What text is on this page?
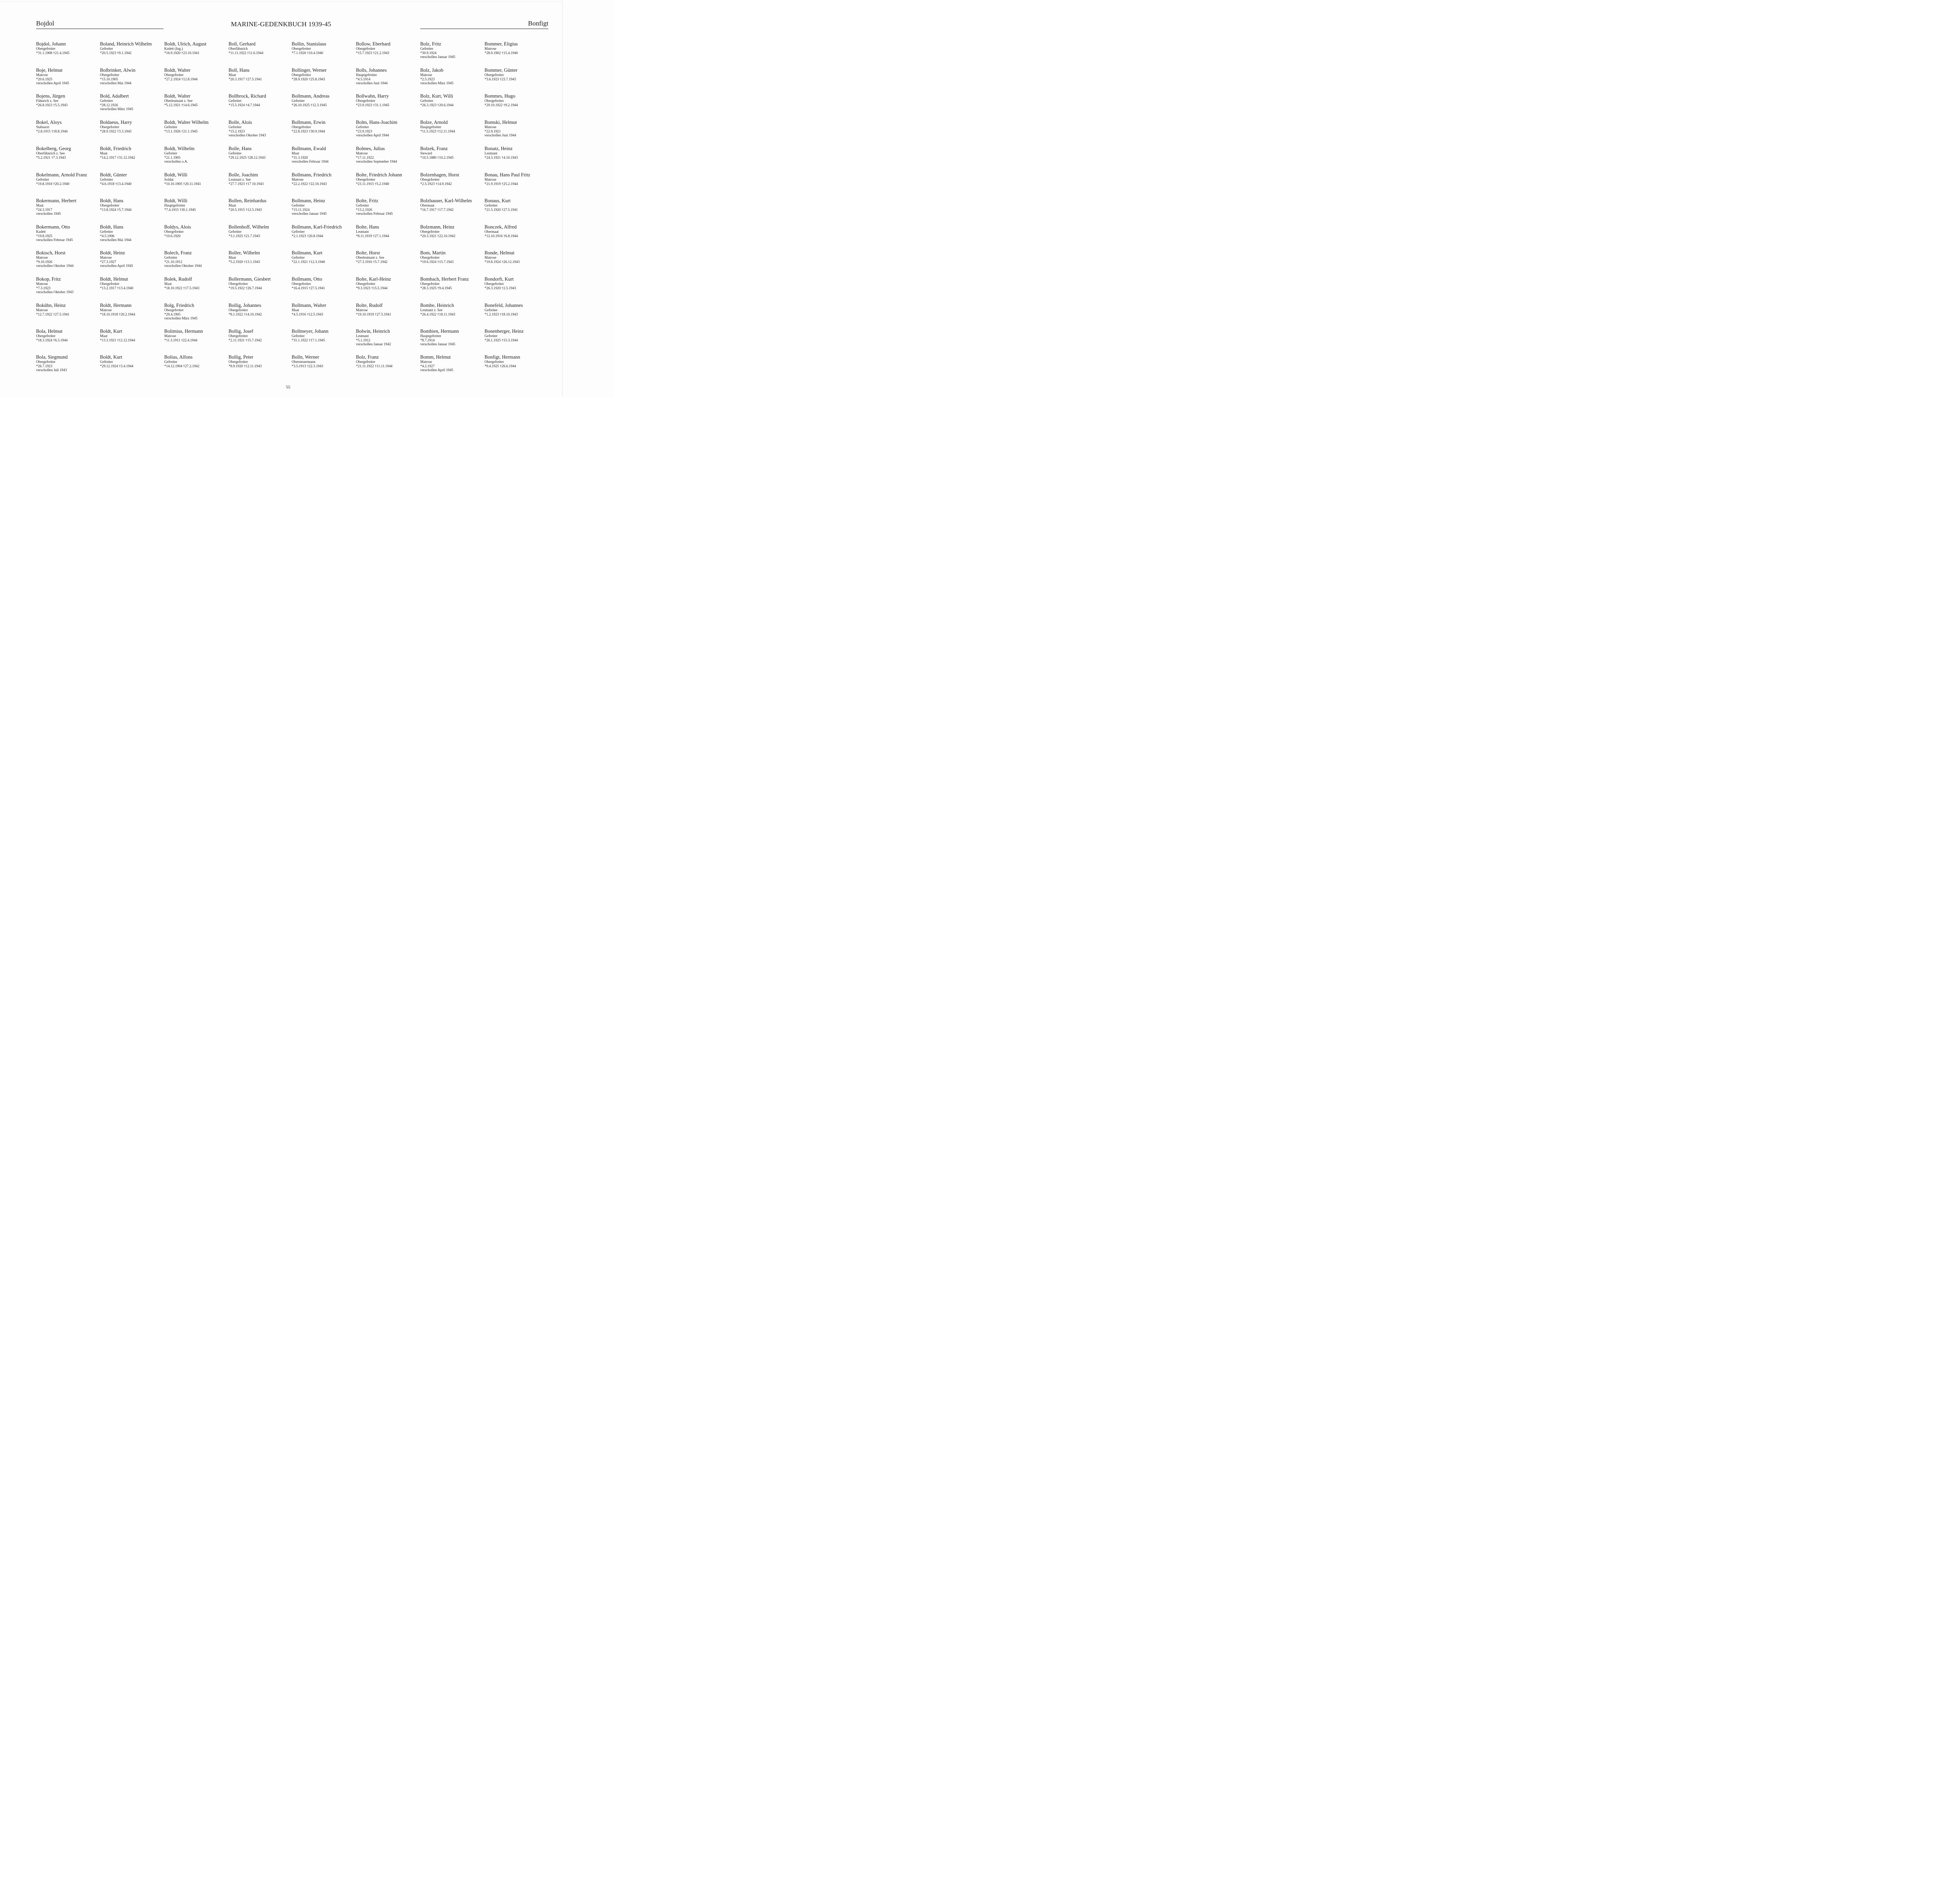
Bojdol	MARINE-GEDENKBUCH 1939-45	Bonfigt
Bojdol, Johann
Obergefreiter
*31.1.1908 †21.4.1945
Boje, Helmut
Matrose
*20.6.1925
verschollen April 1945
Bojens, Jürgen
Fähnrich z. See
*26.8.1923 †5.5.1943
Bokel, Aloys
Stabsarzt
*2.8.1915 †18.8.1944
Bokelberg, Georg
Oberfähnrich z. See
*5.2.1921 †7.3.1943
Bokelmann, Arnold Franz
Gefreiter
*19.8.1918 †20.2.1940
Bokermann, Herbert
Maat
*24.3.1917
verschollen 1945
Bokermann, Otto
Kadett
*19.8.1925
verschollen Februar 1945
Bokisch, Horst
Matrose
*9.10.1926
verschollen Oktober 1944
Bokop, Fritz
Matrose
*7.3.1923
verschollen Oktober 1943
Bokühn, Heinz
Matrose
*12.7.1922 †27.5.1941
Bola, Helmut
Obergefreiter
*18.3.1924 †6.3.1944
Bola, Siegmund
Obergefreiter
*26.7.1923
verschollen Juli 1943
Boland, Heinrich Wilhelm
Gefreiter
*20.5.1923 †9.1.1942
Bolbrinker, Alwin
Obergefreiter
*15.10.1905
verschollen Mai 1944
Bold, Adalbert
Gefreiter
*28.12.1926
verschollen März 1945
Boldaeus, Harry
Obergefreiter
*28.9.1922 †3.3.1943
Boldt, Friedrich
Maat
*14.2.1917 †31.12.1942
Boldt, Günter
Gefreiter
*4.6.1918 †13.4.1940
Boldt, Hans
Obergefreiter
*13.8.1924 †5.7.1944
Boldt, Hans
Gefreiter
*4.5.1906
verschollen Mai 1944
Boldt, Heinz
Matrose
*27.3.1927
verschollen April 1945
Boldt, Helmut
Obergefreiter
*13.2.1917 †13.4.1940
Boldt, Hermann
Matrose
*18.10.1918 †20.2.1944
Boldt, Kurt
Maat
*13.3.1921 †12.12.1944
Boldt, Kurt
Gefreiter
*29.12.1924 †3.4.1944
Boldt, Ulrich, August
Kadett (Ing.)
*16.9.1920 †23.10.1941
Boldt, Walter
Obergefreiter
*27.2.1924 †12.8.1944
Boldt, Walter
Oberleutnant z. See
*5.12.1921 †14.6.1945
Boldt, Walter Wilhelm
Gefreiter
*13.1.1926 †21.1.1945
Boldt, Wilhelm
Gefreiter
*21.1.1905
verschollen o.A.
Boldt, Willi
Soldat
*10.10.1905 †20.11.1941
Boldt, Willi
Hauptgefreiter
*7.4.1915 †30.1.1945
Boldys, Alois
Obergefreiter
*10.6.1920
Bolech, Franz
Gefreiter
*21.10.1912
verschollen Oktober 1944
Bolek, Rudolf
Maat
*18.10.1922 †17.5.1943
Bolg, Friedrich
Obergefreiter
*29.4.1905
verschollen März 1945
Bolimius, Hermann
Matrose
*11.3.1911 †22.4.1944
Bolius, Alfons
Gefreiter
*14.12.1904 †27.2.1942
Boll, Gerhard
Oberfähnrich
*11.11.1922 †11.6.1944
Boll, Hans
Maat
*20.3.1917 †27.5.1941
Bollbrock, Richard
Gefreiter
*15.5.1924 †4.7.1944
Bolle, Alois
Gefreiter
*15.2.1923
verschollen Oktober 1943
Bolle, Hans
Gefreiter
*29.12.1925 †28.12.1943
Bolle, Joachim
Leutnant z. See
*27.7.1923 †17 10.1943
Bollen, Reinhardus
Maat
*20.5.1915 †12.5.1943
Bollenhoff, Wilhelm
Gefreiter
*3.1.1925 †21.7.1943
Boller, Wilhelm
Maat
*5.2.1920 †13.1.1943
Bollermann, Giesbert
Obergefreiter
*19.5.1922 †26.7.1944
Bollig, Johannes
Obergefreiter
*8.1.1922 †14.10.1942
Bollig, Josef
Obergefreiter
*2.11.1921 †15.7.1942
Bollig, Peter
Obergefreiter
*8.9.1920 †12.11.1943
Bollin, Stanislaus
Obergefreiter
*7.1.1920 †10.4.1940
Bollinger, Werner
Obergefreiter
*28.9.1920 †25.8.1943
Bollmann, Andreas
Gefreiter
*26.10.1925 †12.3.1945
Bollmann, Erwin
Obergefreiter
*22.8.1923 †30.9.1944
Bollmann, Ewald
Maat
*31.3.1920
verschollen Februar 1944
Bollmann, Friedrich
Matrose
*22.2.1922 †22.10.1943
Bollmann, Heinz
Gefreiter
*15.11.1924
verschollen Januar 1945
Bollmann, Karl-Friedrich
Gefreiter
*2.1.1923 †20.8.1944
Bollmann, Kurt
Gefreiter
*22.1.1921 †12.3.1940
Bollmann, Otto
Obergefreiter
*16.4.1915 †27.5.1941
Bollmann, Walter
Maat
*4.5.1916 †12.5.1943
Bollmeyer, Johann
Gefreiter
*31.1.1922 †17.1.1945
Bolln, Werner
Obersteuermann
*3.5.1913 †22.3.1943
Bollow, Eberhard
Obergefreiter
*15.7.1923 †21.2.1943
Bolls, Johannes
Hauptgefreiter
*4.5.1914
verschollen Juni 1944
Bollwahn, Harry
Obergefreiter
*23.9.1923 †31.1.1945
Bolm, Hans-Joachim
Gefreiter
*23.9.1923
verschollen April 1944
Bolmes, Julius
Matrose
*17.11.1922
verschollen September 1944
Bolte, Friedrich Johann
Obergefreiter
*23.11.1915 †5.2.1940
Bolte, Fritz
Gefreiter
*13.2.1926
verschollen Februar 1945
Bolte, Hans
Leutnant
*8.11.1919 †27.1.1944
Bolte, Horst
Oberleutnant z. See
*27.3.1916 †5.7.1942
Bolte, Karl-Heinz
Obergefreiter
*9.3.1923 †15.5.1944
Bolte, Rudolf
Matrose
*19.10.1919 †27.5.1941
Bolwin, Heinrich
Leutnant
*5.1.1912
verschollen Januar 1942
Bolz, Franz
Obergefreiter
*21.11.1922 †11.11.1944
Bolz, Fritz
Gefreiter
*30.9.1924
verschollen Januar 1945
Bolz, Jakob
Matrose
*2.5.1923
verschollen März 1945
Bolz, Kurt, Willi
Gefreiter
*26.3.1923 †20.6.1944
Bolze, Arnold
Hauptgefreiter
*11.5.1923 †12.11.1944
Bolzek, Franz
Steward
*10.5.1880 †10.2.1945
Bolzenhagen, Horst
Obergefreiter
*2.5.1923 †14.9.1942
Bolzhauser, Karl-Wilhelm
Obermaat
*16.7.1917 †17.7.1942
Bolzmann, Heinz
Obergefreiter
*20.3.1921 †22.10.1942
Bom, Martin
Obergefreiter
*19.6.1924 †15.7.1943
Bombach, Herbert Franz
Obergefreiter
*28.3.1925 †9.4.1945
Bombe, Heinrich
Leutnant z. See
*26.4.1922 †18.11.1943
Bombien, Hermann
Hauptgefreiter
*8.7.1914
verschollen Januar 1945
Bomm, Helmut
Matrose
*4.2.1927
verschollen April 1945
Bommer, Eligius
Matrose
*28.9.1902 †15.4.1940
Bommer, Günter
Obergefreiter
*3.6.1923 †23.7.1943
Bommes, Hugo
Obergefreiter
*29.10.1922 †9.2.1944
Bomski, Helmut
Matrose
*22.9.1921
verschollen Juni 1944
Bonatz, Heinz
Leutnant
*24.3.1921 †4.10.1943
Bonau, Hans Paul Fritz
Matrose
*21.9.1919 †25.2.1944
Bonaus, Kurt
Gefreiter
*21.5.1920 †27.5.1941
Bonczek, Alfred
Obermaat
*12.10.1916 †6.8.1944
Bonde, Helmut
Matrose
*19.8.1924 †26.12.1943
Bondorft, Kurt
Obergefreiter
*26.3.1920 †2.5.1943
Bonefeld, Johannes
Gefreiter
*1.2.1923 †18.10.1943
Bonenberger, Heinz
Gefreiter
*26.1.1925 †15.3.1944
Bonfigt, Hermann
Obergefreiter
*9.4.1925 †26.6.1944
55
